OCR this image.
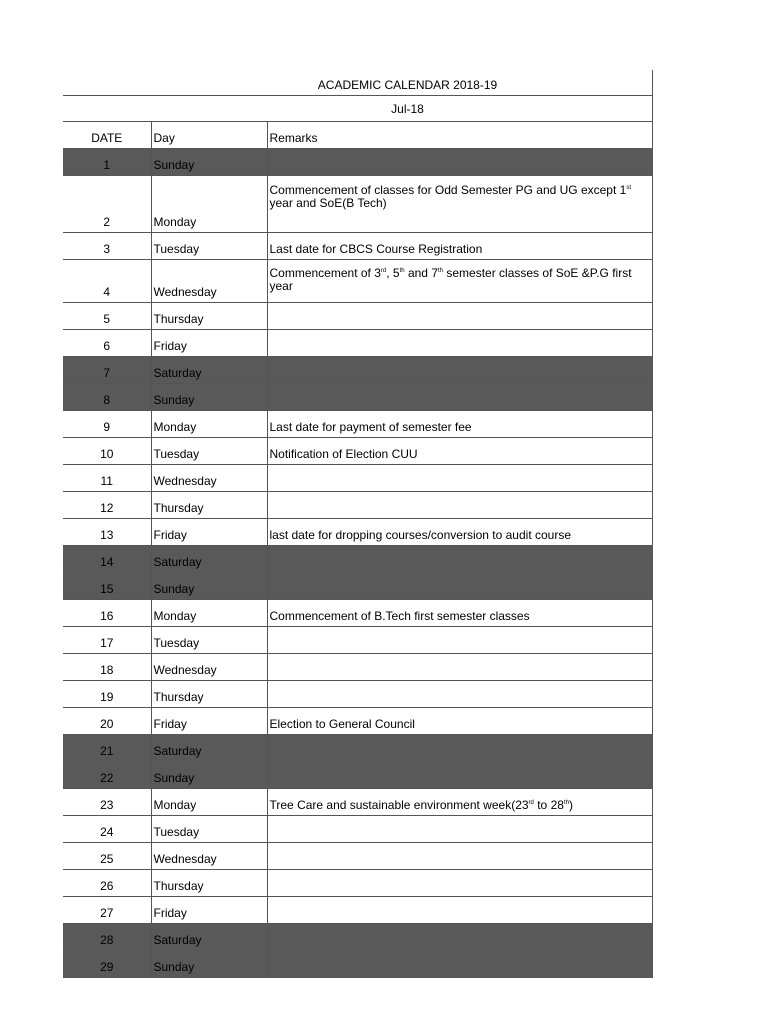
ACADEMIC CALENDAR 2018-19
Jul-18
DATE	Day	Remarks
1	Sunday	
2	Monday	Commencement of classes for Odd Semester PG and UG except 1st year and SoE(B Tech)
3	Tuesday	Last date for CBCS Course Registration
4	Wednesday	Commencement of 3rd, 5th and 7th semester classes of SoE &P.G first year
5	Thursday	
6	Friday	
7	Saturday	
8	Sunday	
9	Monday	Last date for payment of semester fee
10	Tuesday	Notification of Election CUU
11	Wednesday	
12	Thursday	
13	Friday	last date for dropping courses/conversion to audit course
14	Saturday	
15	Sunday	
16	Monday	Commencement of B.Tech first semester classes
17	Tuesday	
18	Wednesday	
19	Thursday	
20	Friday	Election to General Council
21	Saturday	
22	Sunday	
23	Monday	Tree Care and sustainable environment week(23rd to 28th)
24	Tuesday	
25	Wednesday	
26	Thursday	
27	Friday	
28	Saturday	
29	Sunday	
